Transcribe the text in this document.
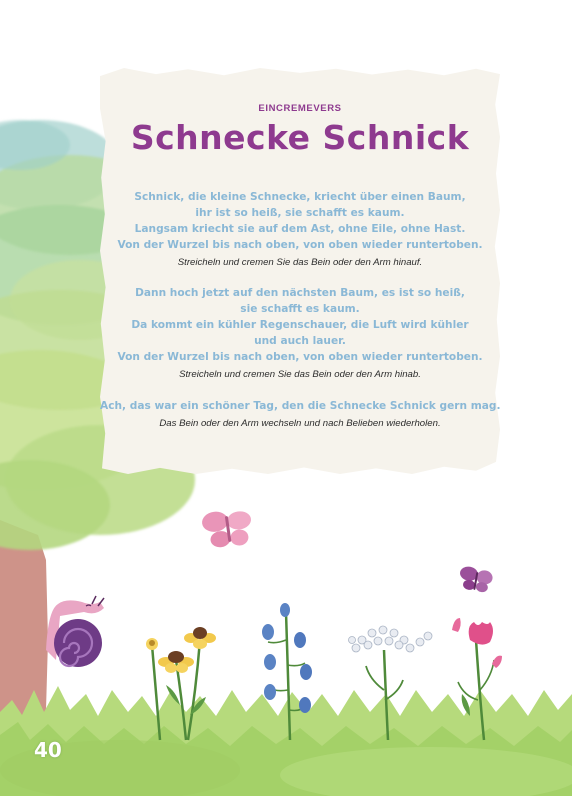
EINCREMEVERS
Schnecke Schnick
Schnick, die kleine Schnecke, kriecht über einen Baum,
ihr ist so heiß, sie schafft es kaum.
Langsam kriecht sie auf dem Ast, ohne Eile, ohne Hast.
Von der Wurzel bis nach oben, von oben wieder runtertoben.
Streicheln und cremen Sie das Bein oder den Arm hinauf.
Dann hoch jetzt auf den nächsten Baum, es ist so heiß,
sie schafft es kaum.
Da kommt ein kühler Regenschauer, die Luft wird kühler
und auch lauer.
Von der Wurzel bis nach oben, von oben wieder runtertoben.
Streicheln und cremen Sie das Bein oder den Arm hinab.
Ach, das war ein schöner Tag, den die Schnecke Schnick gern mag.
Das Bein oder den Arm wechseln und nach Belieben wiederholen.
40
